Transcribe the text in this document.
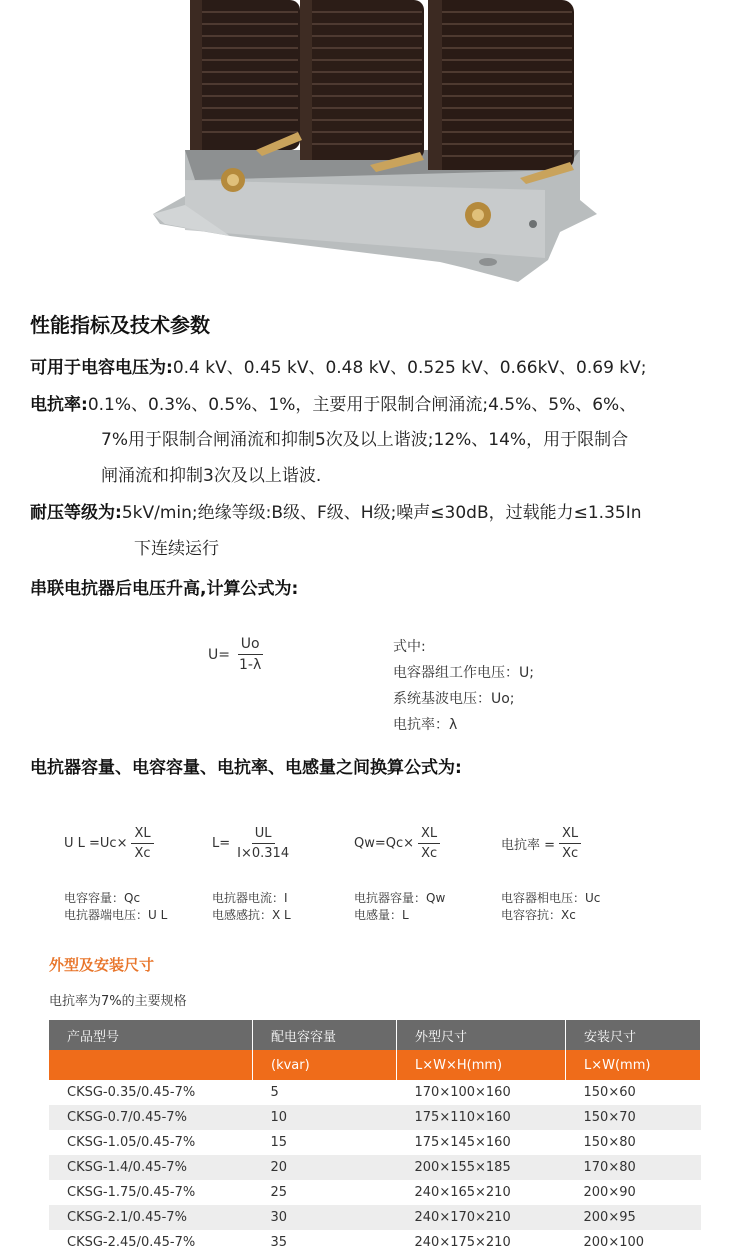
性能指标及技术参数
可用于电容电压为:0.4 kV、0.45 kV、0.48 kV、0.525 kV、0.66kV、0.69 kV;
电抗率:0.1%、0.3%、0.5%、1%，主要用于限制合闸涌流;4.5%、5%、6%、
7%用于限制合闸涌流和抑制5次及以上谐波;12%、14%，用于限制合
闸涌流和抑制3次及以上谐波.
耐压等级为:5kV/min;绝缘等级:B级、F级、H级;噪声≤30dB，过载能力≤1.35In
下连续运行
串联电抗器后电压升高,计算公式为:
$U= \frac{Uo}{1-\lambda}$	式中:
电容器组工作电压：U;
系统基波电压：Uo;
电抗率：λ
电抗器容量、电容容量、电抗率、电感量之间换算公式为:
U $L =Uc\times \frac{XL}{Xc}$	$L= \frac{UL}{I\times 0.314}$	$Qw=Qc\times \frac{XL}{Xc}$	电抗率 = $\frac{XL}{Xc}$
电容容量：Qc
电抗器端电压：U L
电抗器电流：I
电感感抗：X L
电抗器容量：Qw
电感量：L
电容器相电压：Uc
电容容抗：Xc
外型及安装尺寸
电抗率为7%的主要规格
产品型号	配电容容量	外型尺寸	安装尺寸
	(kvar)	L×W×H(mm)	L×W(mm)
CKSG-0.35/0.45-7%	5	170×100×160	150×60
CKSG-0.7/0.45-7%	10	175×110×160	150×70
CKSG-1.05/0.45-7%	15	175×145×160	150×80
CKSG-1.4/0.45-7%	20	200×155×185	170×80
CKSG-1.75/0.45-7%	25	240×165×210	200×90
CKSG-2.1/0.45-7%	30	240×170×210	200×95
CKSG-2.45/0.45-7%	35	240×175×210	200×100
